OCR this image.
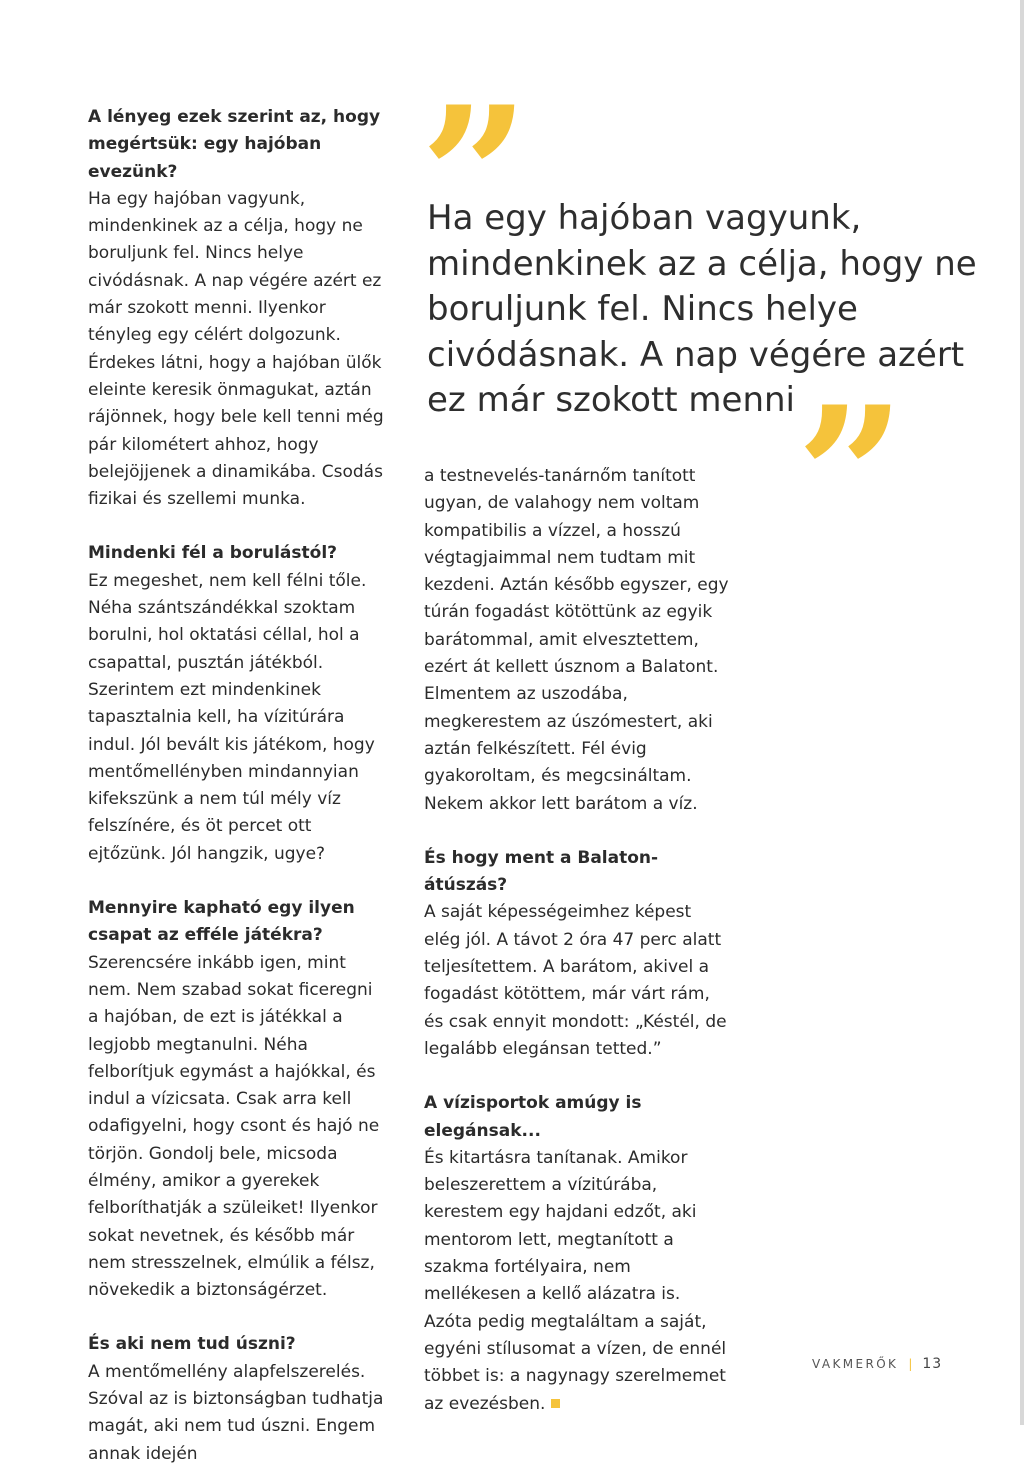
A lényeg ezek szerint az, hogy megértsük: egy hajóban evezünk?

Ha egy hajóban vagyunk, mindenkinek az a célja, hogy ne boruljunk fel. Nincs helye civódásnak. A nap végére azért ez már szokott menni. Ilyenkor tényleg egy célért dolgozunk. Érdekes látni, hogy a hajóban ülők eleinte keresik önmagukat, aztán rájönnek, hogy bele kell tenni még pár kilométert ahhoz, hogy belejöjjenek a dinamikába. Csodás fizikai és szellemi munka.

Mindenki fél a borulástól?

Ez megeshet, nem kell félni tőle. Néha szántszándékkal szoktam borulni, hol oktatási céllal, hol a csapattal, pusztán játékból. Szerintem ezt mindenkinek tapasztalnia kell, ha vízitúrára indul. Jól bevált kis játékom, hogy mentőmellényben mindannyian kifekszünk a nem túl mély víz felszínére, és öt percet ott ejtőzünk. Jól hangzik, ugye?

Mennyire kapható egy ilyen csapat az efféle játékra?

Szerencsére inkább igen, mint nem. Nem szabad sokat ficeregni a hajóban, de ezt is játékkal a legjobb megtanulni. Néha felborítjuk egymást a hajókkal, és indul a vízicsata. Csak arra kell odafigyelni, hogy csont és hajó ne törjön. Gondolj bele, micsoda élmény, amikor a gyerekek felboríthatják a szüleiket! Ilyenkor sokat nevetnek, és később már nem stresszelnek, elmúlik a félsz, növekedik a biztonságérzet.

És aki nem tud úszni?

A mentőmellény alapfelszerelés. Szóval az is biztonságban tudhatja magát, aki nem tud úszni. Engem annak idején

”
Ha egy hajóban vagyunk, mindenkinek az a célja, hogy ne boruljunk fel. Nincs helye civódásnak. A nap végére azért ez már szokott menni ”

a testnevelés-tanárnőm tanított ugyan, de valahogy nem voltam kompatibilis a vízzel, a hosszú végtagjaimmal nem tudtam mit kezdeni. Aztán később egyszer, egy túrán fogadást kötöttünk az egyik barátommal, amit elvesztettem, ezért át kellett úsznom a Balatont. Elmentem az uszodába, megkerestem az úszómestert, aki aztán felkészített. Fél évig gyakoroltam, és megcsináltam. Nekem akkor lett barátom a víz.

És hogy ment a Balaton-átúszás?

A saját képességeimhez képest elég jól. A távot 2 óra 47 perc alatt teljesítettem. A barátom, akivel a fogadást kötöttem, már várt rám, és csak ennyit mondott: „Késtél, de legalább elegánsan tetted.”

A vízisportok amúgy is elegánsak...

És kitartásra tanítanak. Amikor beleszerettem a vízitúrába, kerestem egy hajdani edzőt, aki mentorom lett, megtanított a szakma fortélyaira, nem mellékesen a kellő alázatra is. Azóta pedig megtaláltam a saját, egyéni stílusomat a vízen, de ennél többet is: a nagynagy szerelmemet az evezésben.

VAKMERŐK | 13
